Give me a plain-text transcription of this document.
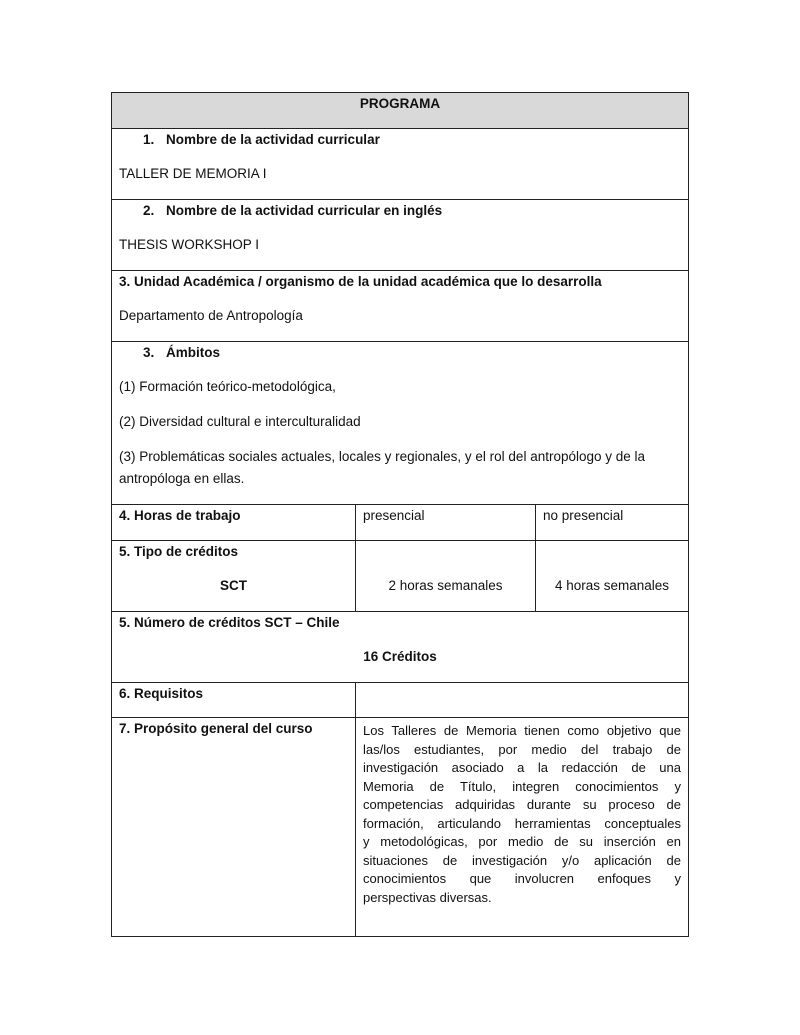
PROGRAMA
1. Nombre de la actividad curricular
TALLER DE MEMORIA I
2. Nombre de la actividad curricular en inglés
THESIS WORKSHOP I
3. Unidad Académica / organismo de la unidad académica que lo desarrolla
Departamento de Antropología
3. Ámbitos
(1) Formación teórico-metodológica,
(2) Diversidad cultural e interculturalidad
(3) Problemáticas sociales actuales, locales y regionales, y el rol del antropólogo y de la
antropóloga en ellas.
4. Horas de trabajo	presencial	no presencial
5. Tipo de créditos
SCT	2 horas semanales	4 horas semanales
5. Número de créditos SCT – Chile
16 Créditos
6. Requisitos
7. Propósito general del curso	Los Talleres de Memoria tienen como objetivo que
las/los estudiantes, por medio del trabajo de
investigación asociado a la redacción de una
Memoria de Título, integren conocimientos y
competencias adquiridas durante su proceso de
formación, articulando herramientas conceptuales
y metodológicas, por medio de su inserción en
situaciones de investigación y/o aplicación de
conocimientos que involucren enfoques y
perspectivas diversas.
